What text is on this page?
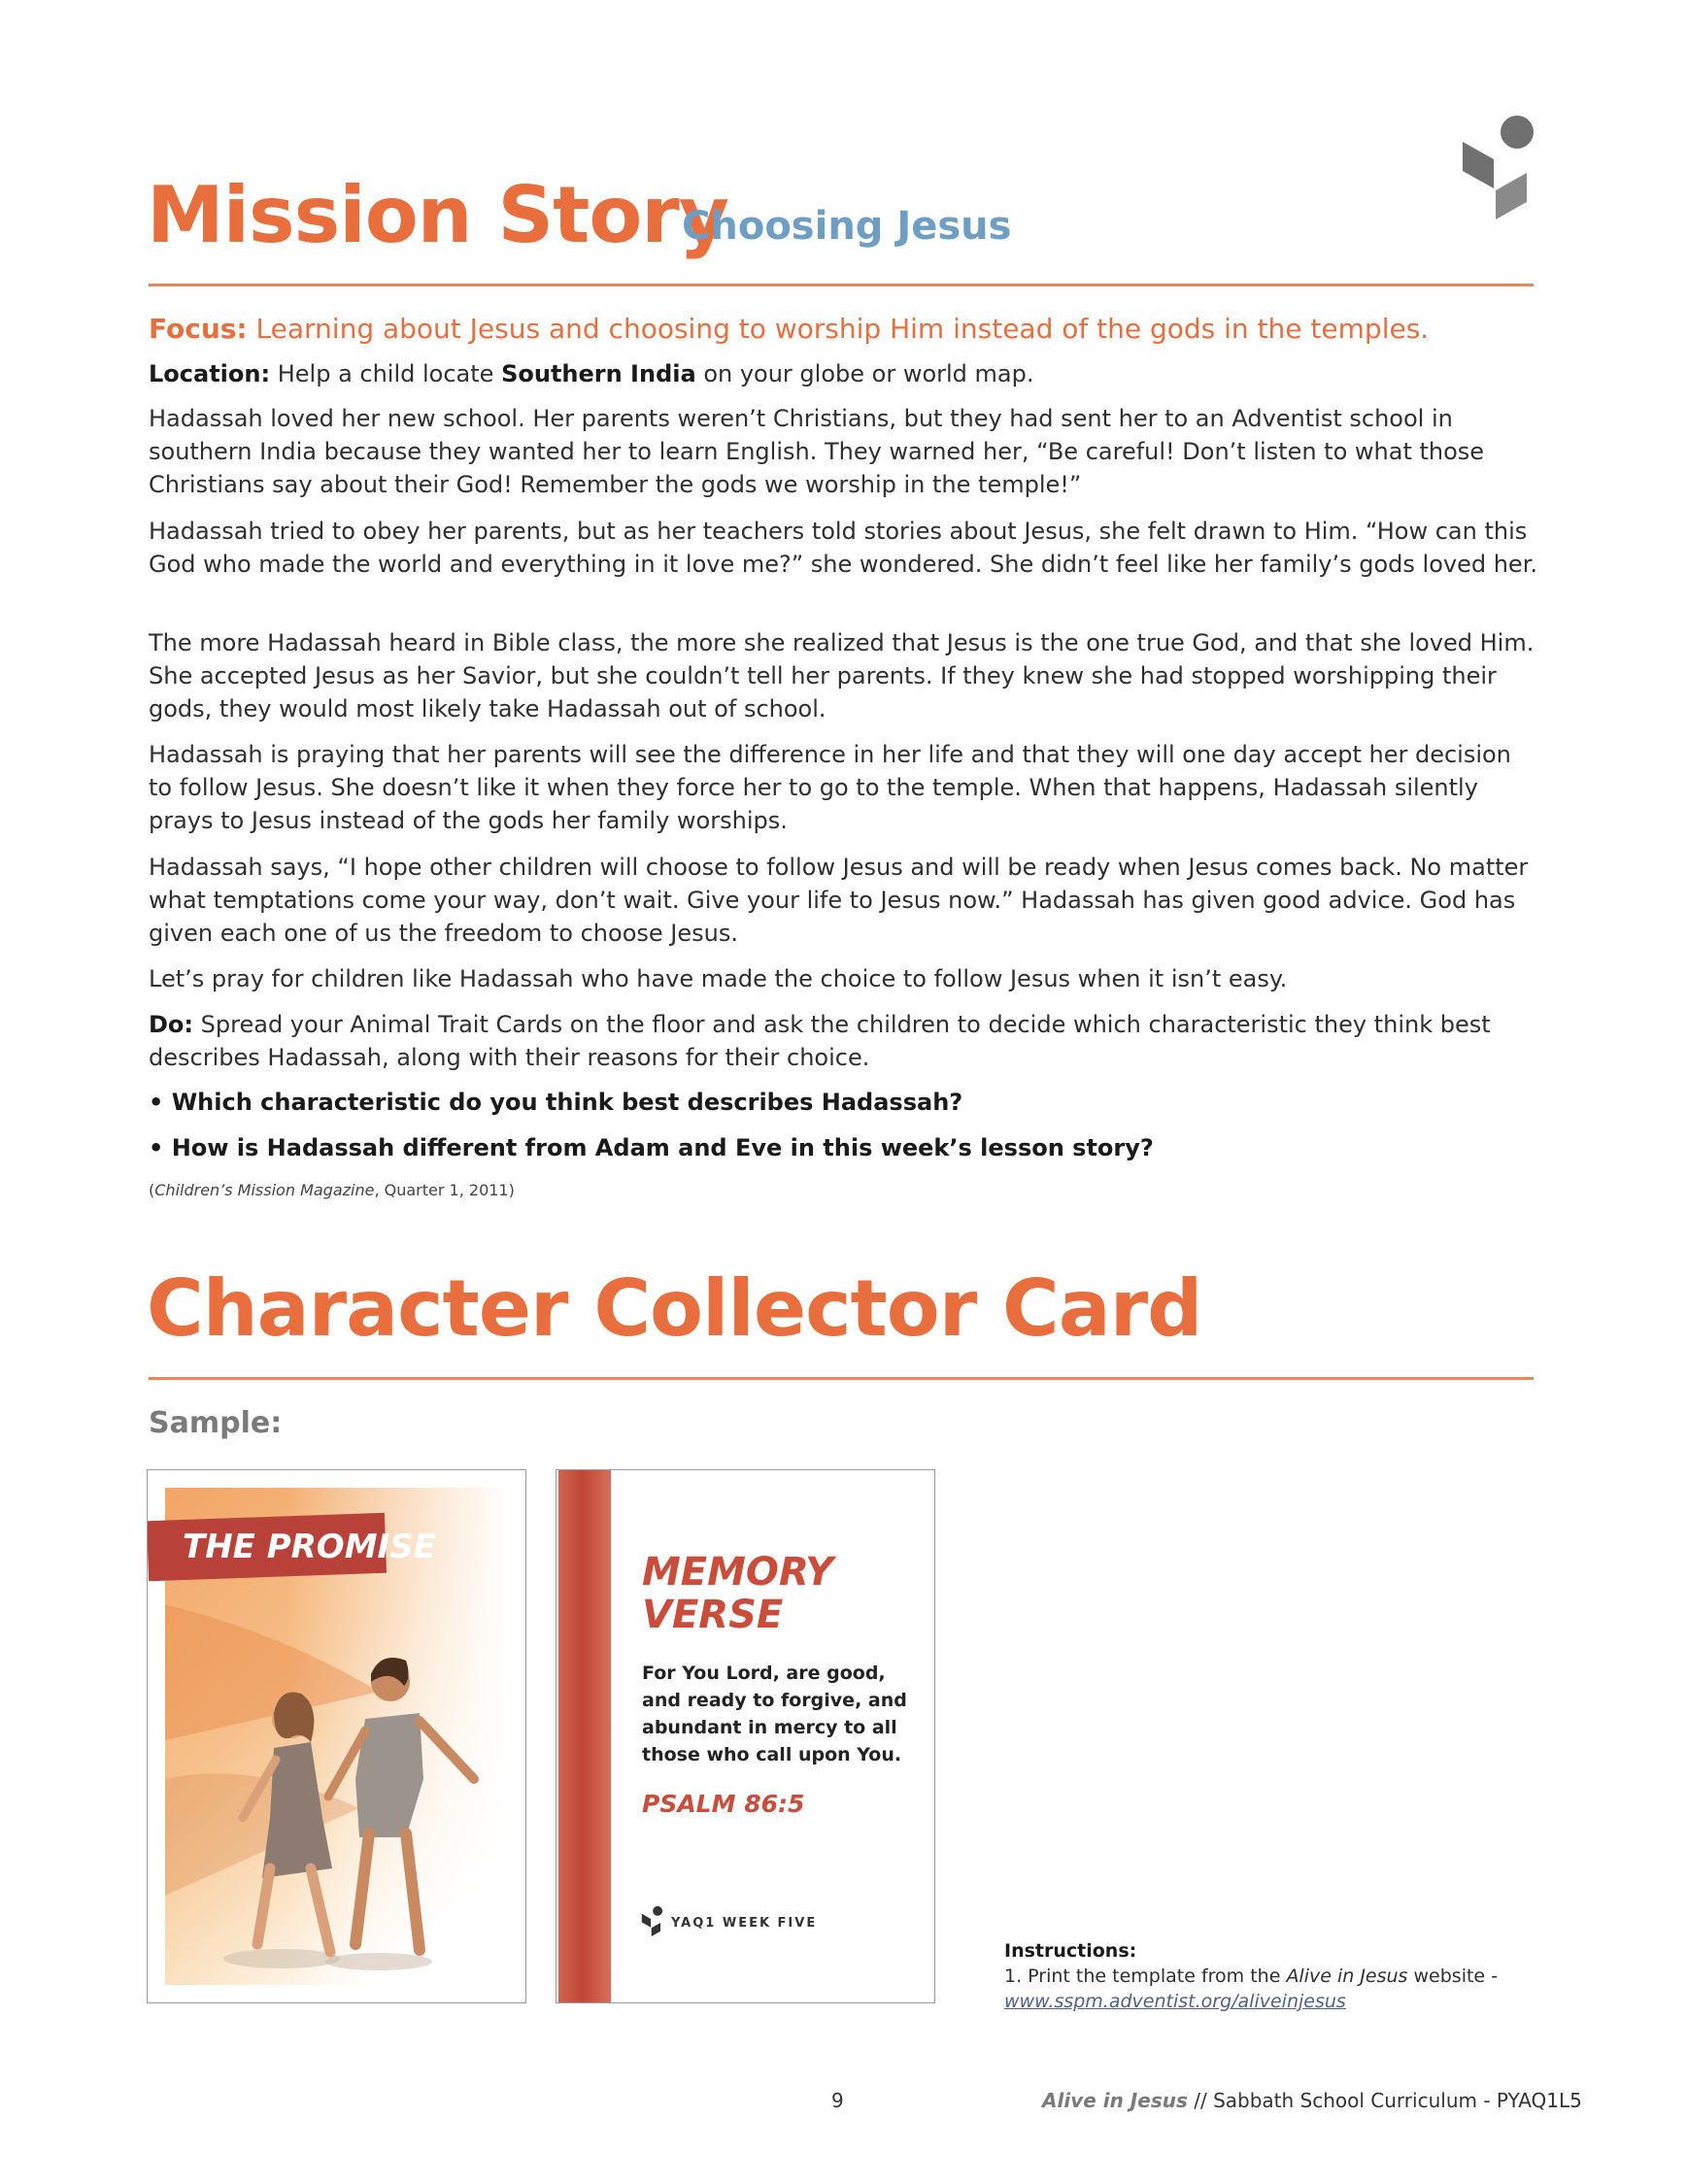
Mission Story
Choosing Jesus
Focus: Learning about Jesus and choosing to worship Him instead of the gods in the temples.
Location: Help a child locate Southern India on your globe or world map.
Hadassah loved her new school. Her parents weren’t Christians, but they had sent her to an Adventist school in southern India because they wanted her to learn English. They warned her, “Be careful! Don’t listen to what those Christians say about their God! Remember the gods we worship in the temple!”
Hadassah tried to obey her parents, but as her teachers told stories about Jesus, she felt drawn to Him. “How can this God who made the world and everything in it love me?” she wondered. She didn’t feel like her family’s gods loved her.
The more Hadassah heard in Bible class, the more she realized that Jesus is the one true God, and that she loved Him. She accepted Jesus as her Savior, but she couldn’t tell her parents. If they knew she had stopped worshipping their gods, they would most likely take Hadassah out of school.
Hadassah is praying that her parents will see the difference in her life and that they will one day accept her decision to follow Jesus. She doesn’t like it when they force her to go to the temple. When that happens, Hadassah silently prays to Jesus instead of the gods her family worships.
Hadassah says, “I hope other children will choose to follow Jesus and will be ready when Jesus comes back. No matter what temptations come your way, don’t wait. Give your life to Jesus now.” Hadassah has given good advice. God has given each one of us the freedom to choose Jesus.
Let’s pray for children like Hadassah who have made the choice to follow Jesus when it isn’t easy.
Do: Spread your Animal Trait Cards on the floor and ask the children to decide which characteristic they think best describes Hadassah, along with their reasons for their choice.
• Which characteristic do you think best describes Hadassah?
• How is Hadassah different from Adam and Eve in this week’s lesson story?
(Children’s Mission Magazine, Quarter 1, 2011)
Character Collector Card
Sample:
THE PROMISE
MEMORY
VERSE
For You Lord, are good,
and ready to forgive, and
abundant in mercy to all
those who call upon You.
PSALM 86:5
YAQ1 WEEK FIVE
Instructions:
1. Print the template from the Alive in Jesus website -
www.sspm.adventist.org/aliveinjesus
9	Alive in Jesus // Sabbath School Curriculum - PYAQ1L5
